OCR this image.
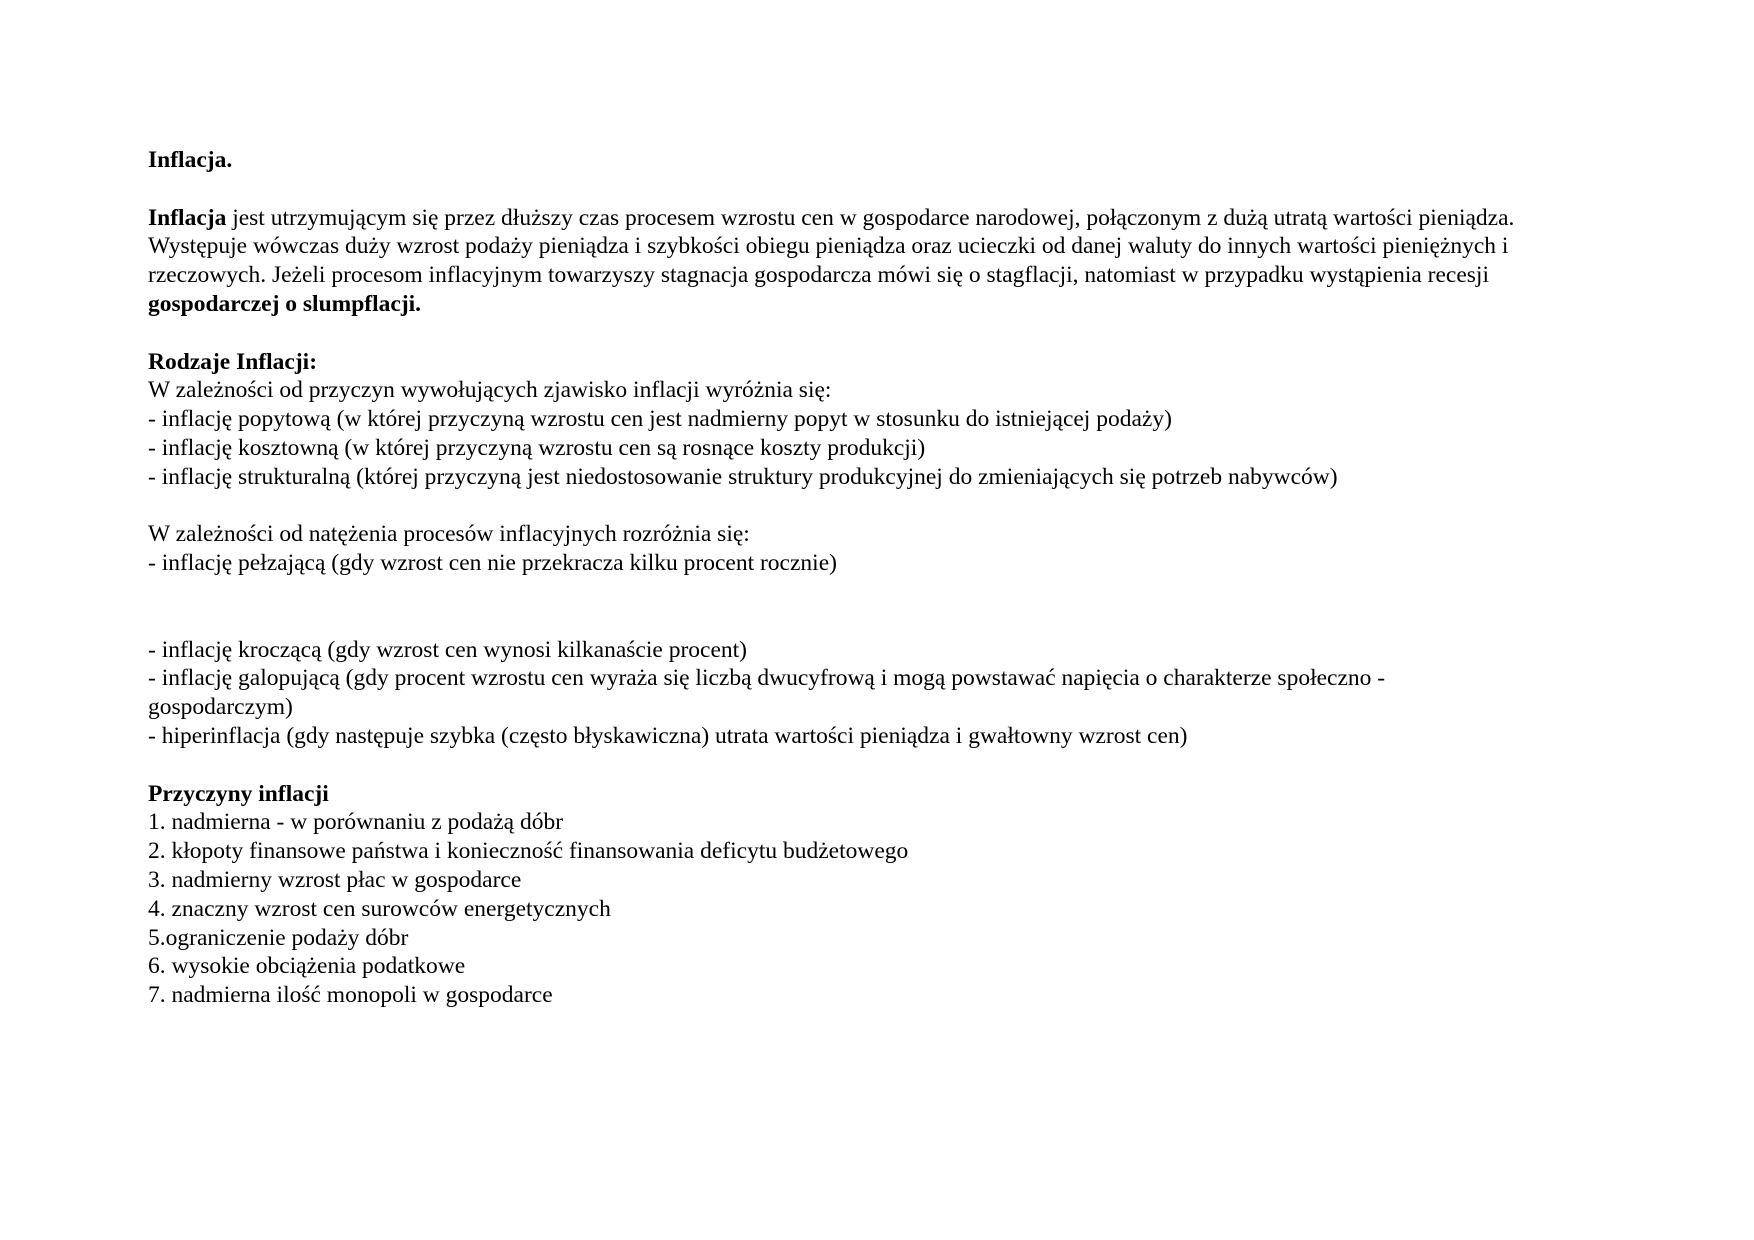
Inflacja.

Inflacja jest utrzymującym się przez dłuższy czas procesem wzrostu cen w gospodarce narodowej, połączonym z dużą utratą wartości pieniądza. Występuje wówczas duży wzrost podaży pieniądza i szybkości obiegu pieniądza oraz ucieczki od danej waluty do innych wartości pieniężnych i rzeczowych. Jeżeli procesom inflacyjnym towarzyszy stagnacja gospodarcza mówi się o stagflacji, natomiast w przypadku wystąpienia recesji gospodarczej o slumpflacji.

Rodzaje Inflacji:

W zależności od przyczyn wywołujących zjawisko inflacji wyróżnia się:

- inflację popytową (w której przyczyną wzrostu cen jest nadmierny popyt w stosunku do istniejącej podaży)

- inflację kosztowną (w której przyczyną wzrostu cen są rosnące koszty produkcji)

- inflację strukturalną (której przyczyną jest niedostosowanie struktury produkcyjnej do zmieniających się potrzeb nabywców)

W zależności od natężenia procesów inflacyjnych rozróżnia się:

- inflację pełzającą (gdy wzrost cen nie przekracza kilku procent rocznie)

- inflację kroczącą (gdy wzrost cen wynosi kilkanaście procent)

- inflację galopującą (gdy procent wzrostu cen wyraża się liczbą dwucyfrową i mogą powstawać napięcia o charakterze społeczno - gospodarczym)

- hiperinflacja (gdy następuje szybka (często błyskawiczna) utrata wartości pieniądza i gwałtowny wzrost cen)

Przyczyny inflacji

1. nadmierna - w porównaniu z podażą dóbr

2. kłopoty finansowe państwa i konieczność finansowania deficytu budżetowego

3. nadmierny wzrost płac w gospodarce

4. znaczny wzrost cen surowców energetycznych

5.ograniczenie podaży dóbr

6. wysokie obciążenia podatkowe

7. nadmierna ilość monopoli w gospodarce
